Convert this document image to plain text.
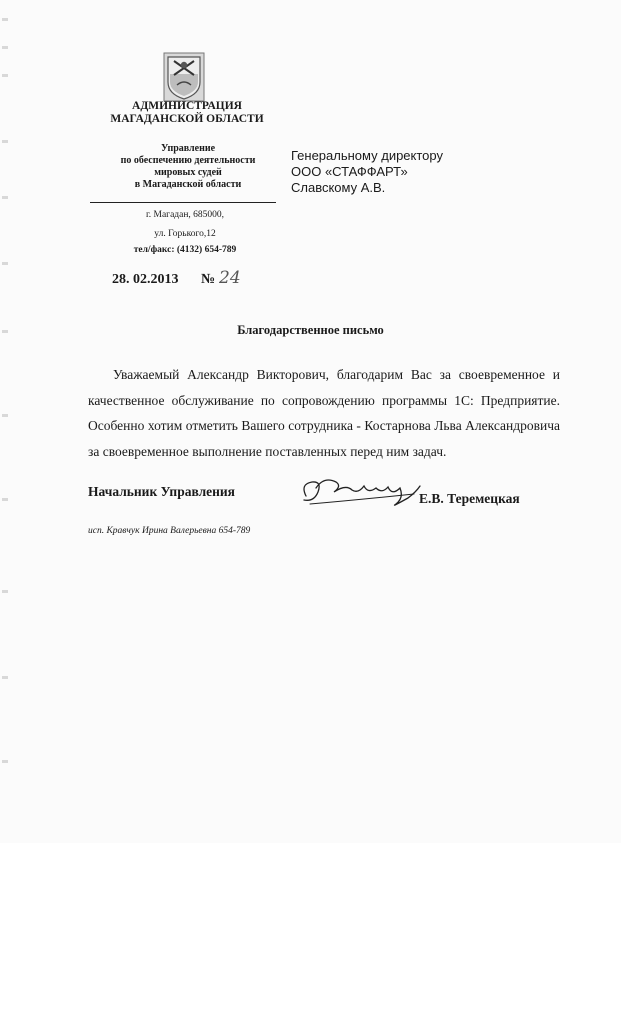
АДМИНИСТРАЦИЯ
МАГАДАНСКОЙ ОБЛАСТИ
Управление
по обеспечению деятельности
мировых судей
в Магаданской области
г. Магадан, 685000,
ул. Горького,12
тел/факс: (4132) 654-789
Генеральному директору
ООО «СТАФФАРТ»
Славскому А.В.
28. 02.2013 № 24
Благодарственное письмо
Уважаемый Александр Викторович, благодарим Вас за своевременное и качественное обслуживание по сопровождению программы 1С: Предприятие. Особенно хотим отметить Вашего сотрудника - Костарнова Льва Александровича за своевременное выполнение поставленных перед ним задач.
Начальник Управления	Е.В. Теремецкая
исп. Кравчук Ирина Валерьевна 654-789
